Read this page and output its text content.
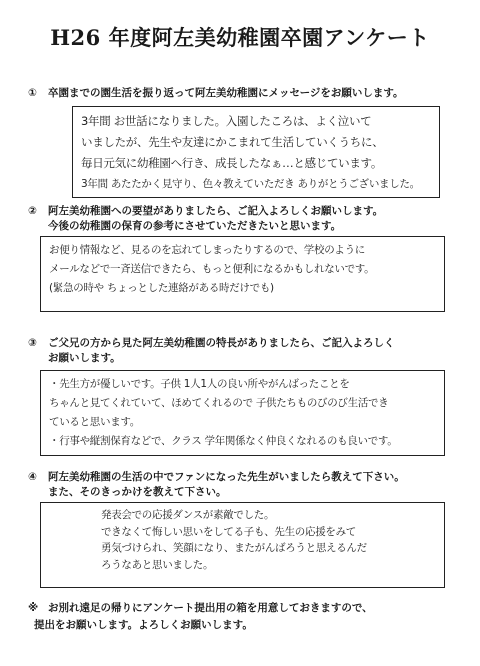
H26 年度阿左美幼稚園卒園アンケート
① 卒園までの園生活を振り返って阿左美幼稚園にメッセージをお願いします。
3年間 お世話になりました。入園したころは、よく泣いて
いましたが、先生や友達にかこまれて生活していくうちに、
毎日元気に幼稚園へ行き、成長したなぁ…と感じています。
3年間 あたたかく見守り、色々教えていただき ありがとうございました。
② 阿左美幼稚園への要望がありましたら、ご記入よろしくお願いします。
今後の幼稚園の保育の参考にさせていただきたいと思います。
お便り情報など、見るのを忘れてしまったりするので、学校のように
メールなどで一斉送信できたら、もっと便利になるかもしれないです。
(緊急の時や ちょっとした連絡がある時だけでも)
③ ご父兄の方から見た阿左美幼稚園の特長がありましたら、ご記入よろしく
お願いします。
・先生方が優しいです。子供 1人1人の良い所やがんばったことを
ちゃんと見てくれていて、ほめてくれるので 子供たちものびのび生活でき
ていると思います。
・行事や縦割保育などで、クラス 学年関係なく仲良くなれるのも良いです。
④ 阿左美幼稚園の生活の中でファンになった先生がいましたら教えて下さい。
また、そのきっかけを教えて下さい。
発表会での応援ダンスが素敵でした。
できなくて悔しい思いをしてる子も、先生の応援をみて
勇気づけられ、笑顔になり、またがんばろうと思えるんだ
ろうなあと思いました。
※ お別れ遠足の帰りにアンケート提出用の箱を用意しておきますので、
提出をお願いします。よろしくお願いします。
